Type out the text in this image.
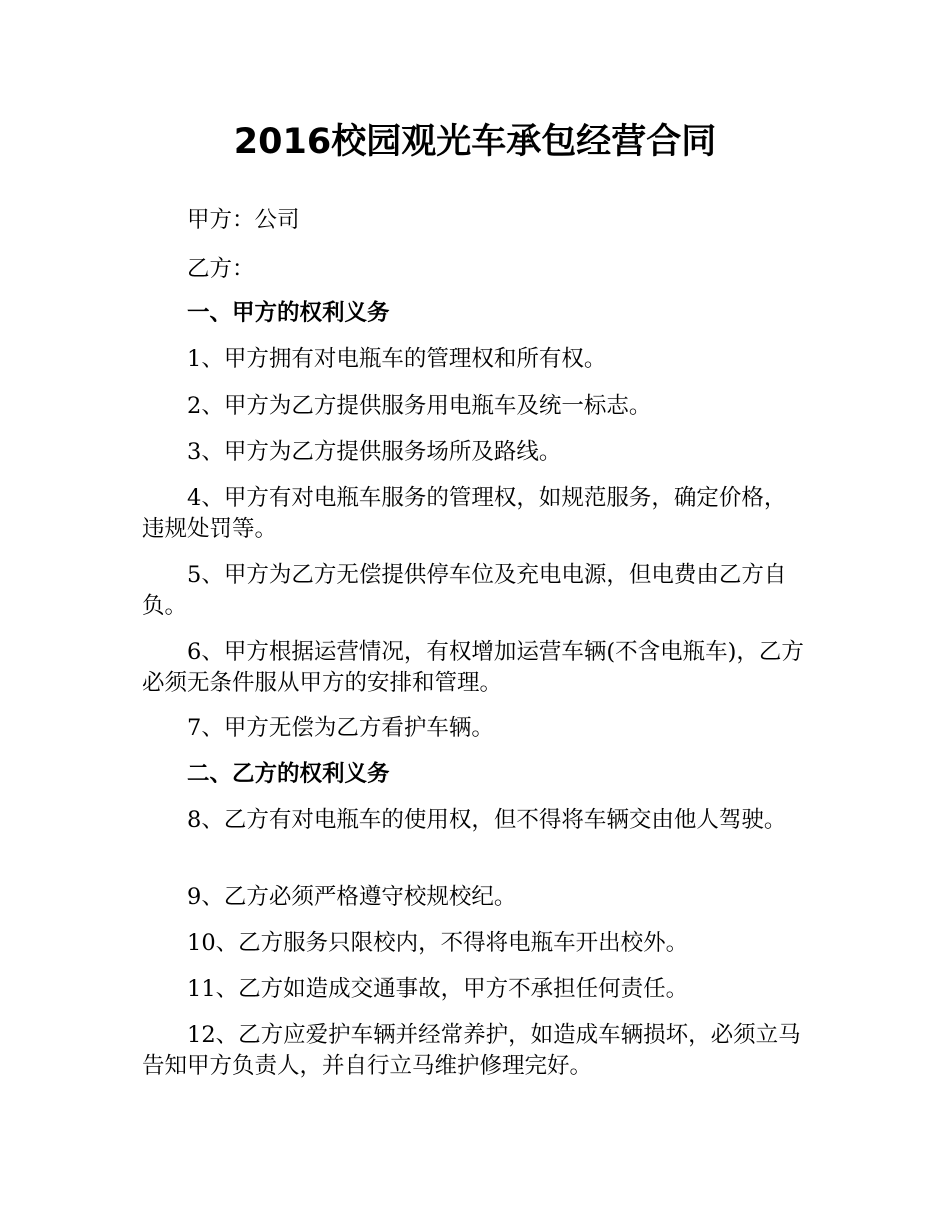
2016校园观光车承包经营合同

甲方：公司

乙方：

一、甲方的权利义务

1、甲方拥有对电瓶车的管理权和所有权。

2、甲方为乙方提供服务用电瓶车及统一标志。

3、甲方为乙方提供服务场所及路线。

4、甲方有对电瓶车服务的管理权，如规范服务，确定价格，违规处罚等。

5、甲方为乙方无偿提供停车位及充电电源，但电费由乙方自负。

6、甲方根据运营情况，有权增加运营车辆(不含电瓶车)，乙方必须无条件服从甲方的安排和管理。

7、甲方无偿为乙方看护车辆。

二、乙方的权利义务

8、乙方有对电瓶车的使用权，但不得将车辆交由他人驾驶。

9、乙方必须严格遵守校规校纪。

10、乙方服务只限校内，不得将电瓶车开出校外。

11、乙方如造成交通事故，甲方不承担任何责任。

12、乙方应爱护车辆并经常养护，如造成车辆损坏，必须立马告知甲方负责人，并自行立马维护修理完好。
